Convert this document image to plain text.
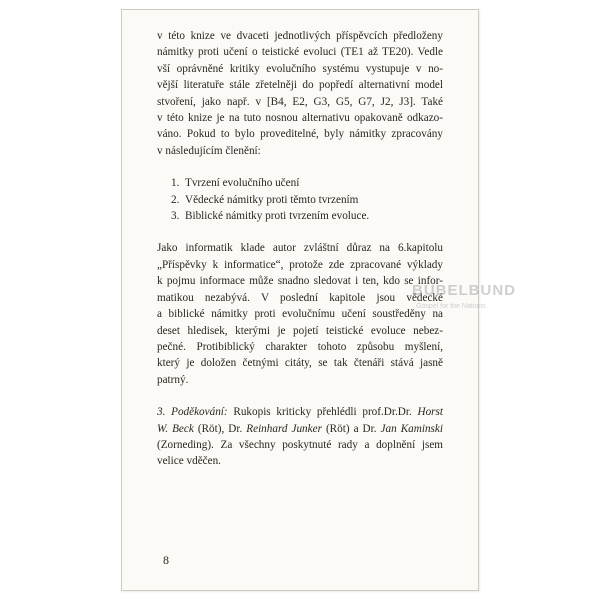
v této knize ve dvaceti jednotlivých příspěvcích předloženy
námitky proti učení o teistické evoluci (TE1 až TE20). Vedle
vší oprávněné kritiky evolučního systému vystupuje v no-
vější literatuře stále zřetelněji do popředí alternativní model
stvoření, jako např. v [B4, E2, G3, G5, G7, J2, J3]. Také
v této knize je na tuto nosnou alternativu opakovaně odkazo-
váno. Pokud to bylo proveditelné, byly námitky zpracovány
v následujícím členění:

1. Tvrzení evolučního učení
2. Vědecké námitky proti těmto tvrzením
3. Biblické námitky proti tvrzením evoluce.

Jako informatik klade autor zvláštní důraz na 6.kapitolu
„Příspěvky k informatice“, protože zde zpracované výklady
k pojmu informace může snadno sledovat i ten, kdo se infor-
matikou nezabývá. V poslední kapitole jsou vědecké
a biblické námitky proti evolučnímu učení soustředěny na
deset hledisek, kterými je pojetí teistické evoluce nebez-
pečné. Protibiblický charakter tohoto způsobu myšlení,
který je doložen četnými citáty, se tak čtenáři stává jasně
patrný.

3. Poděkování: Rukopis kriticky přehlédli prof.Dr.Dr. Horst
W. Beck (Röt), Dr. Reinhard Junker (Röt) a Dr. Jan Kaminski
(Zorneding). Za všechny poskytnuté rady a doplnění jsem
velice vděčen.

BUBELBUND
Gospel for the Nations
8
